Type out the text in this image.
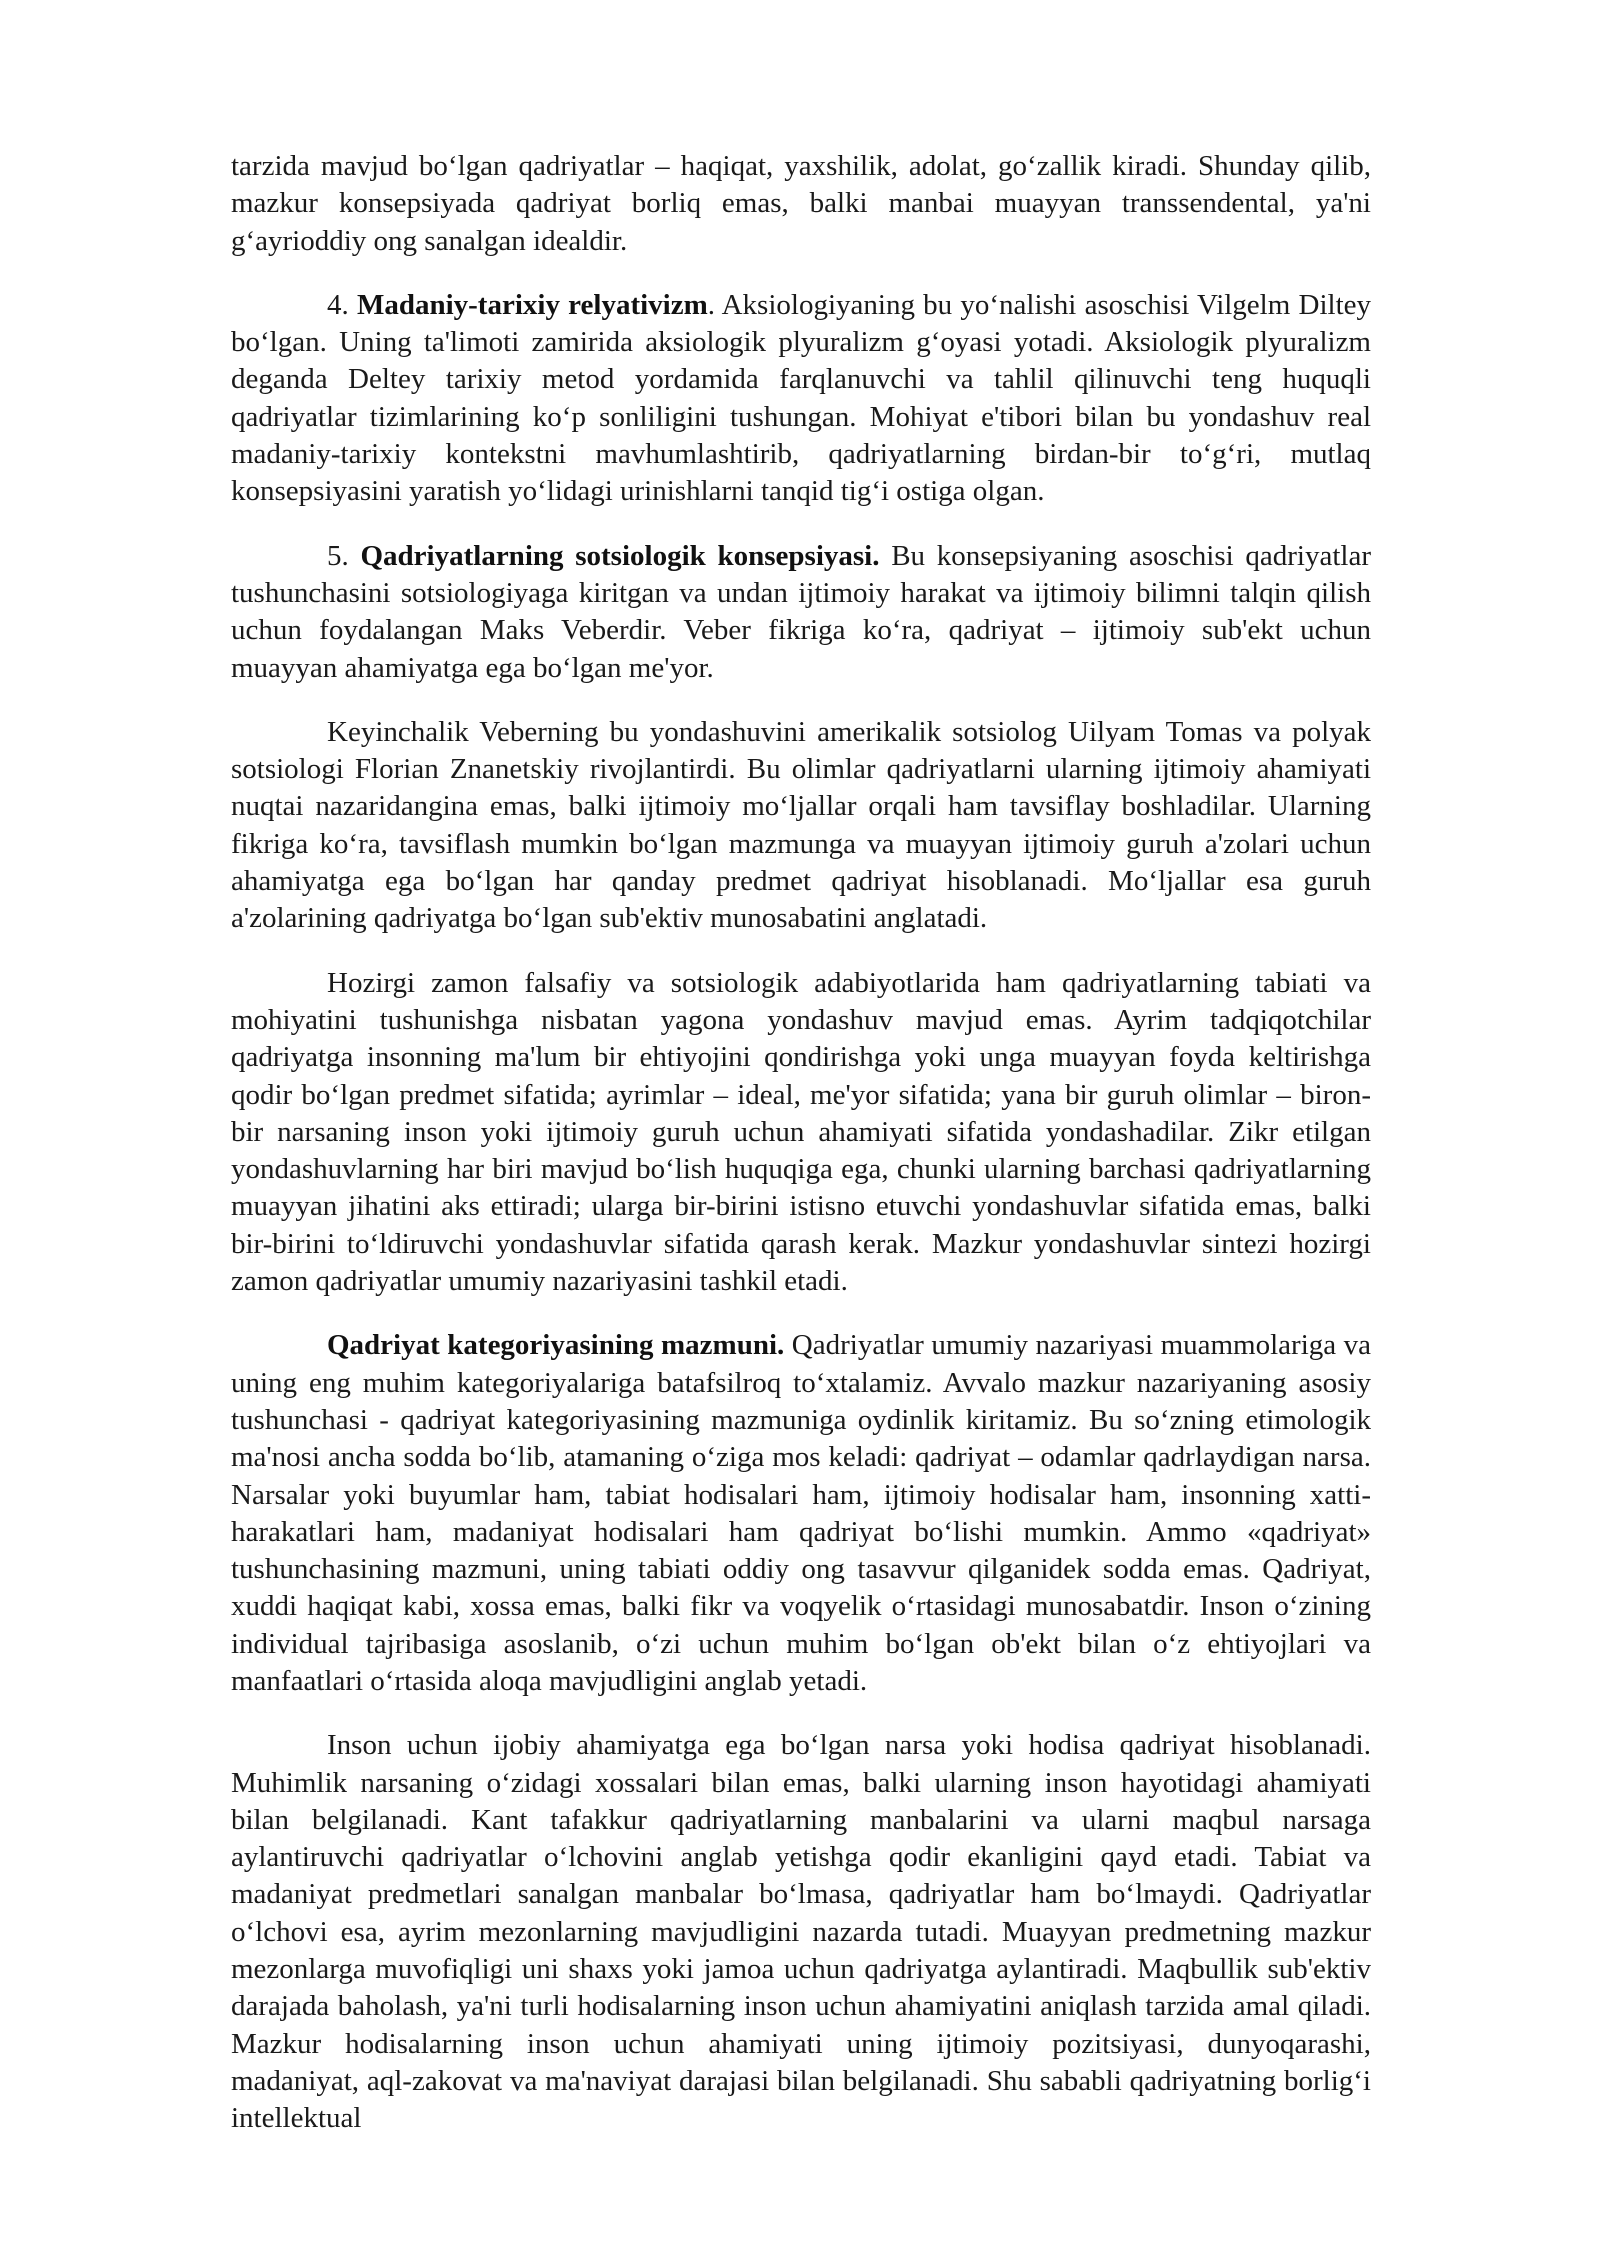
tarzida mavjud bo‘lgan qadriyatlar – haqiqat, yaxshilik, adolat, go‘zallik kiradi. Shunday qilib, mazkur konsepsiyada qadriyat borliq emas, balki manbai muayyan transsendental, ya'ni g‘ayrioddiy ong sanalgan idealdir.

4. Madaniy-tarixiy relyativizm. Aksiologiyaning bu yo‘nalishi asoschisi Vilgelm Diltey bo‘lgan. Uning ta'limoti zamirida aksiologik plyuralizm g‘oyasi yotadi. Aksiologik plyuralizm deganda Deltey tarixiy metod yordamida farqlanuvchi va tahlil qilinuvchi teng huquqli qadriyatlar tizimlarining ko‘p sonliligini tushungan. Mohiyat e'tibori bilan bu yondashuv real madaniy-tarixiy kontekstni mavhumlashtirib, qadriyatlarning birdan-bir to‘g‘ri, mutlaq konsepsiyasini yaratish yo‘lidagi urinishlarni tanqid tig‘i ostiga olgan.

5. Qadriyatlarning sotsiologik konsepsiyasi. Bu konsepsiyaning asoschisi qadriyatlar tushunchasini sotsiologiyaga kiritgan va undan ijtimoiy harakat va ijtimoiy bilimni talqin qilish uchun foydalangan Maks Veberdir. Veber fikriga ko‘ra, qadriyat – ijtimoiy sub'ekt uchun muayyan ahamiyatga ega bo‘lgan me'yor.

Keyinchalik Veberning bu yondashuvini amerikalik sotsiolog Uilyam Tomas va polyak sotsiologi Florian Znanetskiy rivojlantirdi. Bu olimlar qadriyatlarni ularning ijtimoiy ahamiyati nuqtai nazaridangina emas, balki ijtimoiy mo‘ljallar orqali ham tavsiflay boshladilar. Ularning fikriga ko‘ra, tavsiflash mumkin bo‘lgan mazmunga va muayyan ijtimoiy guruh a'zolari uchun ahamiyatga ega bo‘lgan har qanday predmet qadriyat hisoblanadi. Mo‘ljallar esa guruh a'zolarining qadriyatga bo‘lgan sub'ektiv munosabatini anglatadi.

Hozirgi zamon falsafiy va sotsiologik adabiyotlarida ham qadriyatlarning tabiati va mohiyatini tushunishga nisbatan yagona yondashuv mavjud emas. Ayrim tadqiqotchilar qadriyatga insonning ma'lum bir ehtiyojini qondirishga yoki unga muayyan foyda keltirishga qodir bo‘lgan predmet sifatida; ayrimlar – ideal, me'yor sifatida; yana bir guruh olimlar – biron-bir narsaning inson yoki ijtimoiy guruh uchun ahamiyati sifatida yondashadilar. Zikr etilgan yondashuvlarning har biri mavjud bo‘lish huquqiga ega, chunki ularning barchasi qadriyatlarning muayyan jihatini aks ettiradi; ularga bir-birini istisno etuvchi yondashuvlar sifatida emas, balki bir-birini to‘ldiruvchi yondashuvlar sifatida qarash kerak. Mazkur yondashuvlar sintezi hozirgi zamon qadriyatlar umumiy nazariyasini tashkil etadi.

Qadriyat kategoriyasining mazmuni. Qadriyatlar umumiy nazariyasi muammolariga va uning eng muhim kategoriyalariga batafsilroq to‘xtalamiz. Avvalo mazkur nazariyaning asosiy tushunchasi - qadriyat kategoriyasining mazmuniga oydinlik kiritamiz. Bu so‘zning etimologik ma'nosi ancha sodda bo‘lib, atamaning o‘ziga mos keladi: qadriyat – odamlar qadrlaydigan narsa. Narsalar yoki buyumlar ham, tabiat hodisalari ham, ijtimoiy hodisalar ham, insonning xatti-harakatlari ham, madaniyat hodisalari ham qadriyat bo‘lishi mumkin. Ammo «qadriyat» tushunchasining mazmuni, uning tabiati oddiy ong tasavvur qilganidek sodda emas. Qadriyat, xuddi haqiqat kabi, xossa emas, balki fikr va voqyelik o‘rtasidagi munosabatdir. Inson o‘zining individual tajribasiga asoslanib, o‘zi uchun muhim bo‘lgan ob'ekt bilan o‘z ehtiyojlari va manfaatlari o‘rtasida aloqa mavjudligini anglab yetadi.

Inson uchun ijobiy ahamiyatga ega bo‘lgan narsa yoki hodisa qadriyat hisoblanadi. Muhimlik narsaning o‘zidagi xossalari bilan emas, balki ularning inson hayotidagi ahamiyati bilan belgilanadi. Kant tafakkur qadriyatlarning manbalarini va ularni maqbul narsaga aylantiruvchi qadriyatlar o‘lchovini anglab yetishga qodir ekanligini qayd etadi. Tabiat va madaniyat predmetlari sanalgan manbalar bo‘lmasa, qadriyatlar ham bo‘lmaydi. Qadriyatlar o‘lchovi esa, ayrim mezonlarning mavjudligini nazarda tutadi. Muayyan predmetning mazkur mezonlarga muvofiqligi uni shaxs yoki jamoa uchun qadriyatga aylantiradi. Maqbullik sub'ektiv darajada baholash, ya'ni turli hodisalarning inson uchun ahamiyatini aniqlash tarzida amal qiladi. Mazkur hodisalarning inson uchun ahamiyati uning ijtimoiy pozitsiyasi, dunyoqarashi, madaniyat, aql-zakovat va ma'naviyat darajasi bilan belgilanadi. Shu sababli qadriyatning borlig‘i intellektual
